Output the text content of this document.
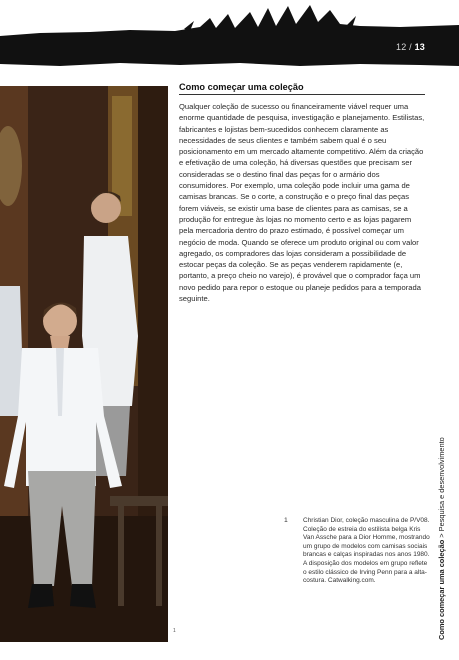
12 / 13
1
Como começar uma coleção

Qualquer coleção de sucesso ou financeiramente viável requer uma enorme quantidade de pesquisa, investigação e planejamento. Estilistas, fabricantes e lojistas bem-sucedidos conhecem claramente as necessidades de seus clientes e também sabem qual é o seu posicionamento em um mercado altamente competitivo. Além da criação e efetivação de uma coleção, há diversas questões que precisam ser consideradas se o destino final das peças for o armário dos consumidores. Por exemplo, uma coleção pode incluir uma gama de camisas brancas. Se o corte, a construção e o preço final das peças forem viáveis, se existir uma base de clientes para as camisas, se a produção for entregue às lojas no momento certo e as lojas pagarem pela mercadoria dentro do prazo estimado, é possível começar um negócio de moda. Quando se oferece um produto original ou com valor agregado, os compradores das lojas consideram a possibilidade de estocar peças da coleção. Se as peças venderem rapidamente (e, portanto, a preço cheio no varejo), é provável que o comprador faça um novo pedido para repor o estoque ou planeje pedidos para a temporada seguinte.

1 Christian Dior, coleção masculina de P/V08. Coleção de estreia do estilista belga Kris Van Assche para a Dior Homme, mostrando um grupo de modelos com camisas sociais brancas e calças inspiradas nos anos 1980. A disposição dos modelos em grupo reflete o estilo clássico de Irving Penn para a alta-costura. Catwalking.com.	Como começar uma coleção > Pesquisa e desenvolvimento
